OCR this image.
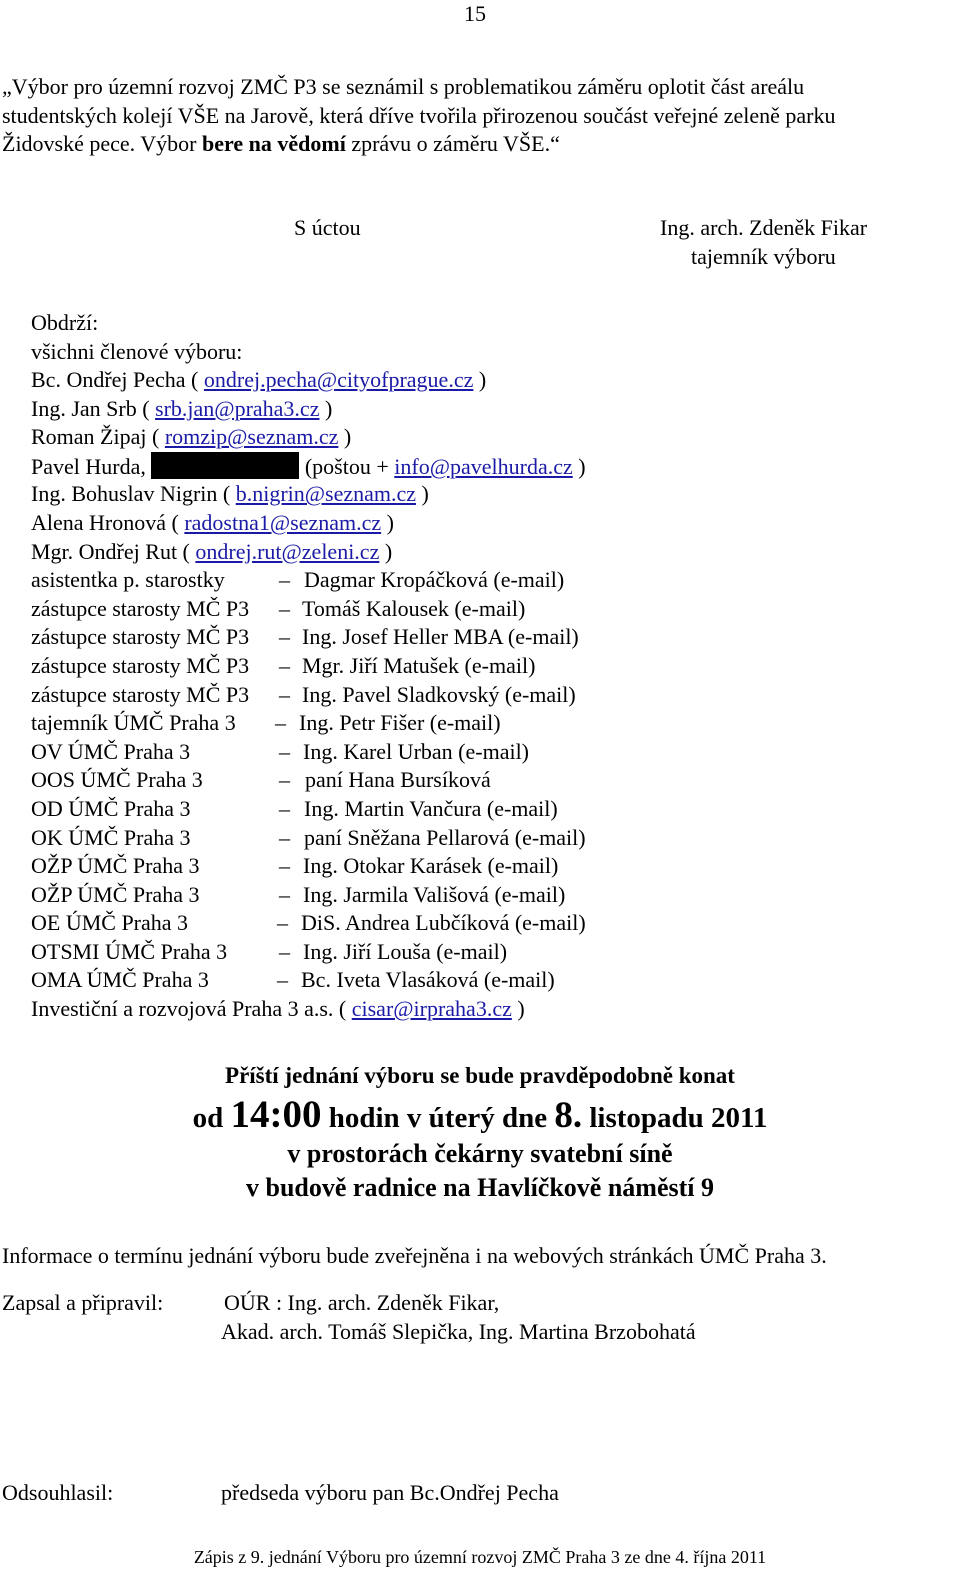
15
„Výbor pro územní rozvoj ZMČ P3 se seznámil s problematikou záměru oplotit část areálu
studentských kolejí VŠE na Jarově, která dříve tvořila přirozenou součást veřejné zeleně parku
Židovské pece. Výbor bere na vědomí zprávu o záměru VŠE.“
S úctou	Ing. arch. Zdeněk Fikar
tajemník výboru
Obdrží:
všichni členové výboru:
Bc. Ondřej Pecha ( ondrej.pecha@cityofprague.cz )
Ing. Jan Srb ( srb.jan@praha3.cz )
Roman Žipaj ( romzip@seznam.cz )
Pavel Hurda,	(poštou + info@pavelhurda.cz )
Ing. Bohuslav Nigrin ( b.nigrin@seznam.cz )
Alena Hronová ( radostna1@seznam.cz )
Mgr. Ondřej Rut ( ondrej.rut@zeleni.cz )
asistentka p. starostky – Dagmar Kropáčková (e-mail)
zástupce starosty MČ P3 – Tomáš Kalousek (e-mail)
zástupce starosty MČ P3 – Ing. Josef Heller MBA (e-mail)
zástupce starosty MČ P3 – Mgr. Jiří Matušek (e-mail)
zástupce starosty MČ P3 – Ing. Pavel Sladkovský (e-mail)
tajemník ÚMČ Praha 3 – Ing. Petr Fišer (e-mail)
OV ÚMČ Praha 3	– Ing. Karel Urban (e-mail)
OOS ÚMČ Praha 3	– paní Hana Bursíková
OD ÚMČ Praha 3	– Ing. Martin Vančura (e-mail)
OK ÚMČ Praha 3	– paní Sněžana Pellarová (e-mail)
OŽP ÚMČ Praha 3	– Ing. Otokar Karásek (e-mail)
OŽP ÚMČ Praha 3	– Ing. Jarmila Vališová (e-mail)
OE ÚMČ Praha 3	– DiS. Andrea Lubčíková (e-mail)
OTSMI ÚMČ Praha 3 – Ing. Jiří Louša (e-mail)
OMA ÚMČ Praha 3	– Bc. Iveta Vlasáková (e-mail)
Investiční a rozvojová Praha 3 a.s. ( cisar@irpraha3.cz )
Příští jednání výboru se bude pravděpodobně konat
od 14:00 hodin v úterý dne 8. listopadu 2011
v prostorách čekárny svatební síně
v budově radnice na Havlíčkově náměstí 9
Informace o termínu jednání výboru bude zveřejněna i na webových stránkách ÚMČ Praha 3.
Zapsal a připravil:	OÚR : Ing. arch. Zdeněk Fikar,
Akad. arch. Tomáš Slepička, Ing. Martina Brzobohatá
Odsouhlasil:	předseda výboru pan Bc.Ondřej Pecha
Zápis z 9. jednání Výboru pro územní rozvoj ZMČ Praha 3 ze dne 4. října 2011
